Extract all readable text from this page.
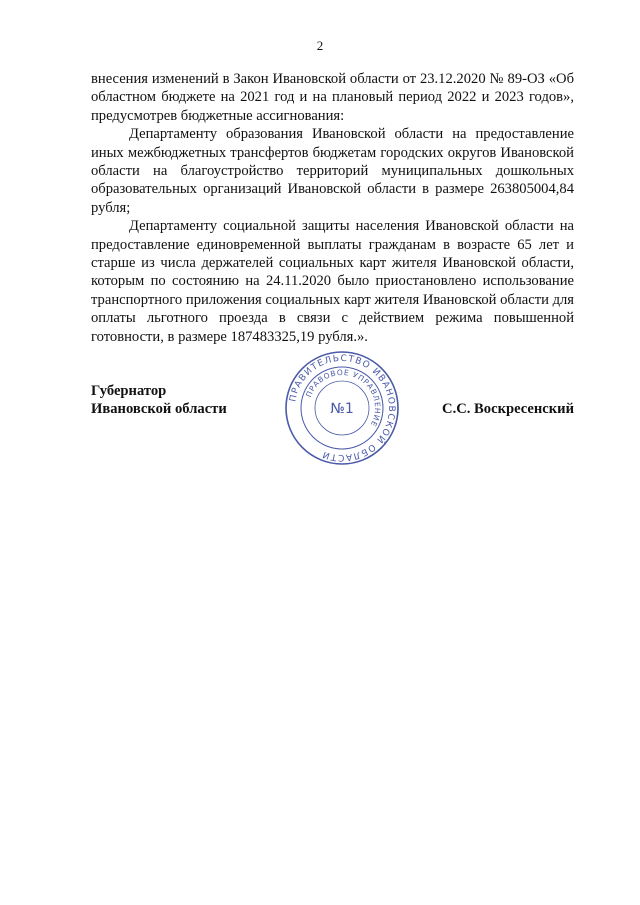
2

внесения изменений в Закон Ивановской области от 23.12.2020 № 89-ОЗ «Об областном бюджете на 2021 год и на плановый период 2022 и 2023 годов», предусмотрев бюджетные ассигнования:

Департаменту образования Ивановской области на предоставление иных межбюджетных трансфертов бюджетам городских округов Ивановской области на благоустройство территорий муниципальных дошкольных образовательных организаций Ивановской области в размере 263805004,84 рубля;

Департаменту социальной защиты населения Ивановской области на предоставление единовременной выплаты гражданам в возрасте 65 лет и старше из числа держателей социальных карт жителя Ивановской области, которым по состоянию на 24.11.2020 было приостановлено использование транспортного приложения социальных карт жителя Ивановской области для оплаты льготного проезда в связи с действием режима повышенной готовности, в размере 187483325,19 рубля.».

Губернатор
Ивановской области
ПРАВИТЕЛЬСТВО ИВАНОВСКОЙ ОБЛАСТИ
ПРАВОВОЕ УПРАВЛЕНИЕ
№1	С.С. Воскресенский
